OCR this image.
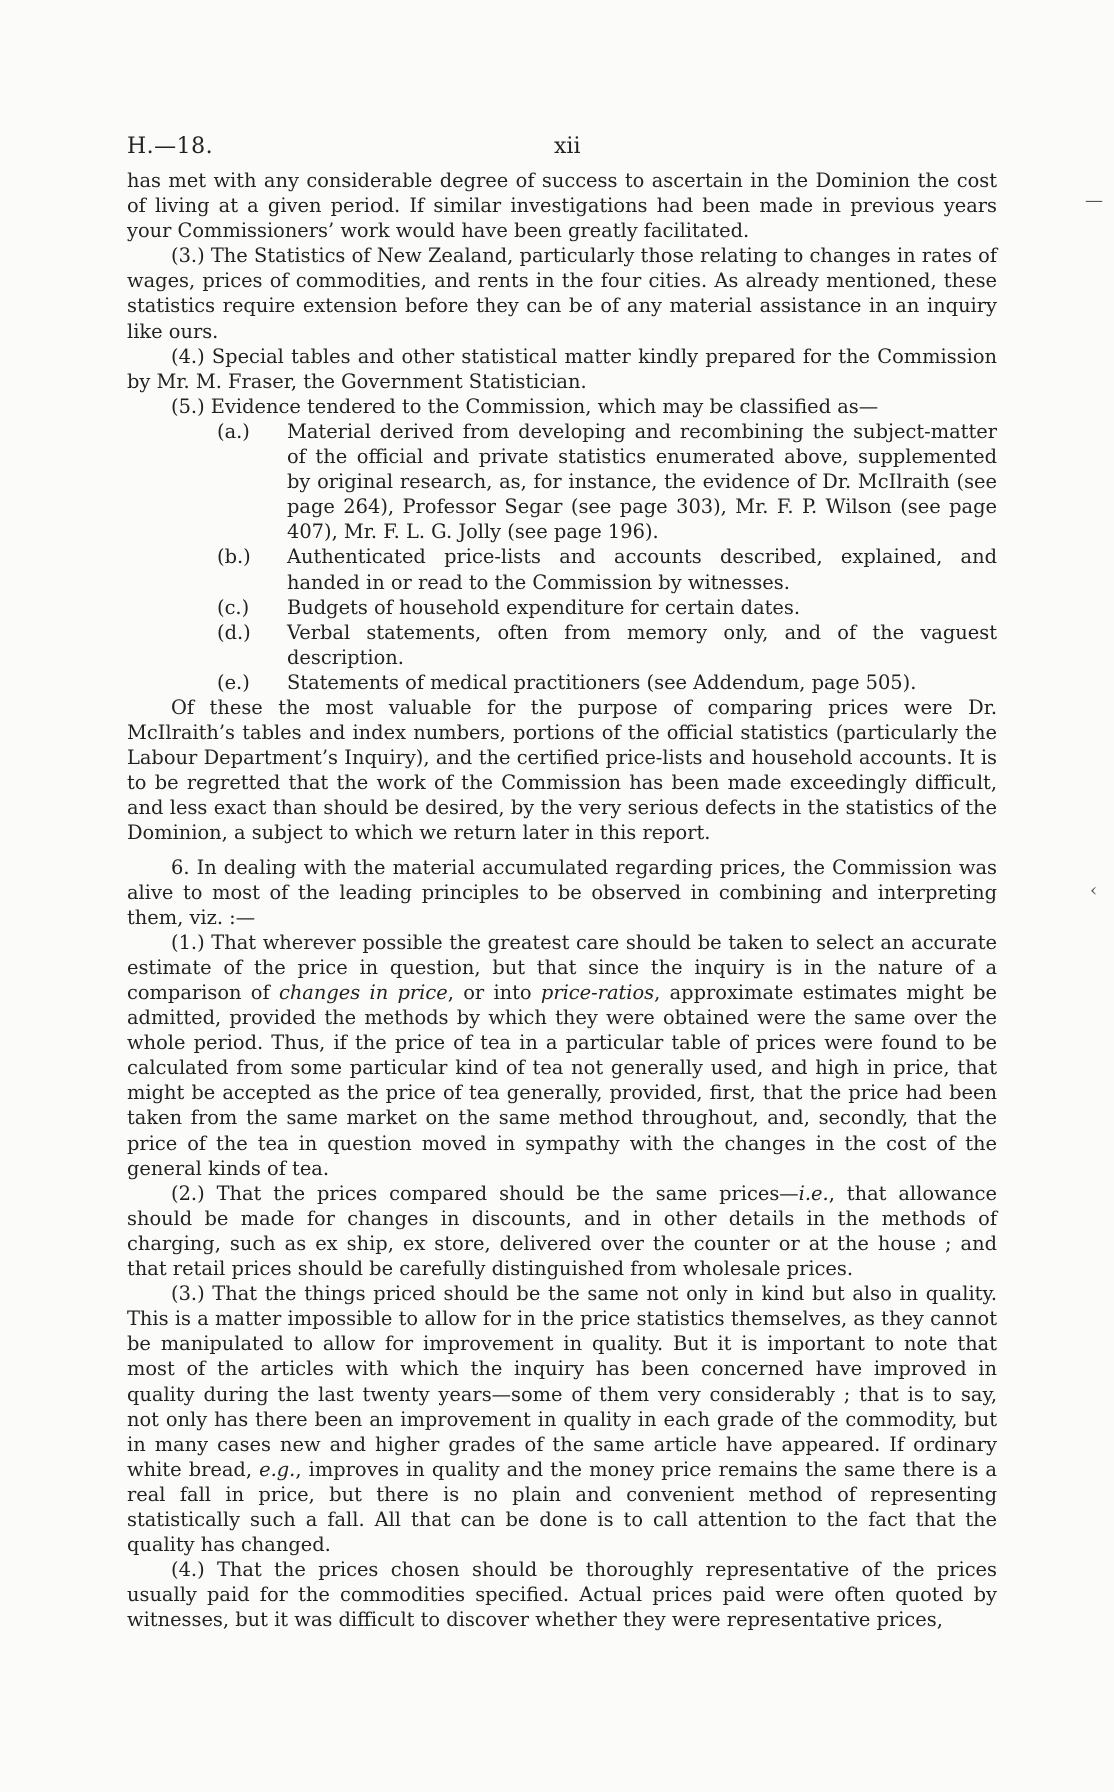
H.—18.	xii
—
‹

has met with any considerable degree of success to ascertain in the Dominion the cost of living at a given period. If similar investigations had been made in previous years your Commissioners’ work would have been greatly facilitated.

(3.) The Statistics of New Zealand, particularly those relating to changes in rates of wages, prices of commodities, and rents in the four cities. As already mentioned, these statistics require extension before they can be of any material assistance in an inquiry like ours.

(4.) Special tables and other statistical matter kindly prepared for the Commission by Mr. M. Fraser, the Government Statistician.

(5.) Evidence tendered to the Commission, which may be classified as—

(a.) Material derived from developing and recombining the subject-matter of the official and private statistics enumerated above, supplemented by original research, as, for instance, the evidence of Dr. McIlraith (see page 264), Professor Segar (see page 303), Mr. F. P. Wilson (see page 407), Mr. F. L. G. Jolly (see page 196).

(b.) Authenticated price-lists and accounts described, explained, and handed in or read to the Commission by witnesses.

(c.) Budgets of household expenditure for certain dates.

(d.) Verbal statements, often from memory only, and of the vaguest description.

(e.) Statements of medical practitioners (see Addendum, page 505).

Of these the most valuable for the purpose of comparing prices were Dr. McIlraith’s tables and index numbers, portions of the official statistics (particularly the Labour Department’s Inquiry), and the certified price-lists and household accounts. It is to be regretted that the work of the Commission has been made exceedingly difficult, and less exact than should be desired, by the very serious defects in the statistics of the Dominion, a subject to which we return later in this report.

6. In dealing with the material accumulated regarding prices, the Commission was alive to most of the leading principles to be observed in combining and interpreting them, viz. :—

(1.) That wherever possible the greatest care should be taken to select an accurate estimate of the price in question, but that since the inquiry is in the nature of a comparison of changes in price, or into price-ratios, approximate estimates might be admitted, provided the methods by which they were obtained were the same over the whole period. Thus, if the price of tea in a particular table of prices were found to be calculated from some particular kind of tea not generally used, and high in price, that might be accepted as the price of tea generally, provided, first, that the price had been taken from the same market on the same method throughout, and, secondly, that the price of the tea in question moved in sympathy with the changes in the cost of the general kinds of tea.

(2.) That the prices compared should be the same prices—i.e., that allowance should be made for changes in discounts, and in other details in the methods of charging, such as ex ship, ex store, delivered over the counter or at the house ; and that retail prices should be carefully distinguished from wholesale prices.

(3.) That the things priced should be the same not only in kind but also in quality. This is a matter impossible to allow for in the price statistics themselves, as they cannot be manipulated to allow for improvement in quality. But it is important to note that most of the articles with which the inquiry has been concerned have improved in quality during the last twenty years—some of them very considerably ; that is to say, not only has there been an improvement in quality in each grade of the commodity, but in many cases new and higher grades of the same article have appeared. If ordinary white bread, e.g., improves in quality and the money price remains the same there is a real fall in price, but there is no plain and convenient method of representing statistically such a fall. All that can be done is to call attention to the fact that the quality has changed.

(4.) That the prices chosen should be thoroughly representative of the prices usually paid for the commodities specified. Actual prices paid were often quoted by witnesses, but it was difficult to discover whether they were representative prices,
